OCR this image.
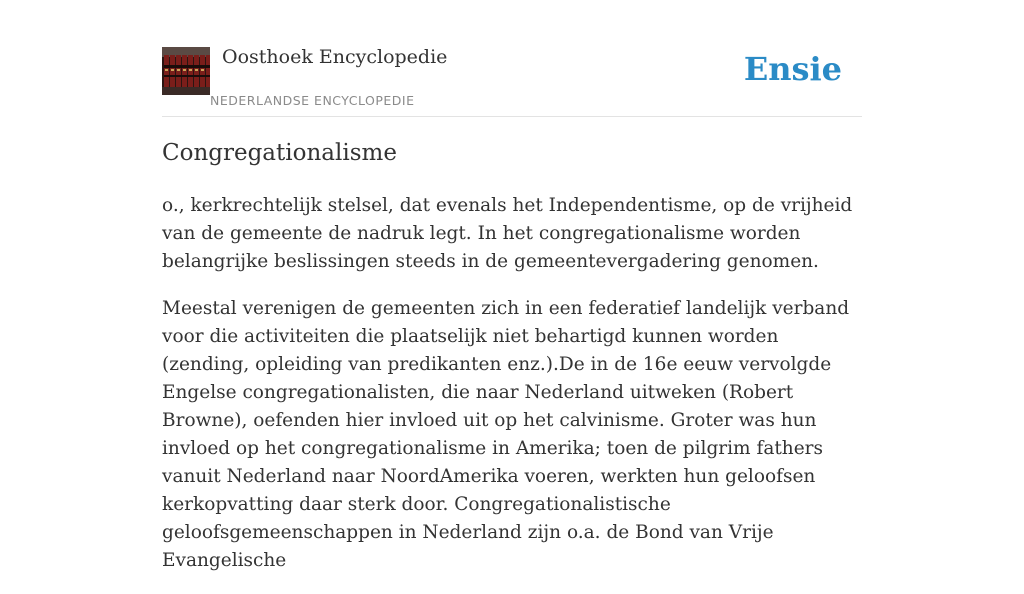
Oosthoek Encyclopedie
NEDERLANDSE ENCYCLOPEDIE
Ensie
Congregationalisme

o., kerkrechtelijk stelsel, dat evenals het Independentisme, op de vrijheid van de gemeente de nadruk legt. In het congregationalisme worden belangrijke beslissingen steeds in de gemeentevergadering genomen.

Meestal verenigen de gemeenten zich in een federatief landelijk verband voor die activiteiten die plaatselijk niet behartigd kunnen worden (zending, opleiding van predikanten enz.).De in de 16e eeuw vervolgde Engelse congregationalisten, die naar Nederland uitweken (Robert Browne), oefenden hier invloed uit op het calvinisme. Groter was hun invloed op het congregationalisme in Amerika; toen de pilgrim fathers vanuit Nederland naar NoordAmerika voeren, werkten hun geloofsen kerkopvatting daar sterk door. Congregationalistische geloofsgemeenschappen in Nederland zijn o.a. de Bond van Vrije Evangelische
